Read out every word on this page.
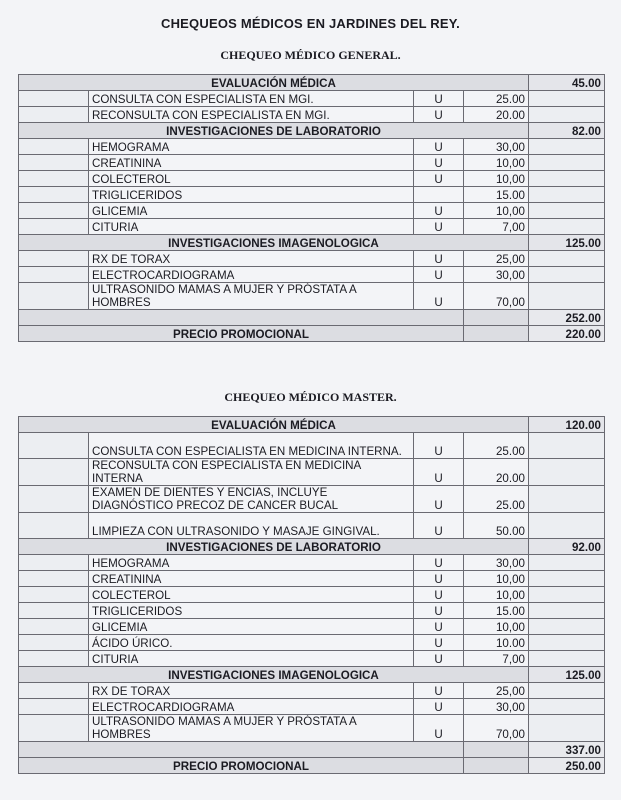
CHEQUEOS MÉDICOS EN JARDINES DEL REY.
CHEQUEO MÉDICO GENERAL.
EVALUACIÓN MÉDICA				45.00
	CONSULTA CON ESPECIALISTA EN MGI.	U	25.00	
	RECONSULTA CON ESPECIALISTA EN MGI.	U	20.00	
INVESTIGACIONES DE LABORATORIO				82.00
	HEMOGRAMA	U	30,00	
	CREATININA	U	10,00	
	COLECTEROL	U	10,00	
	TRIGLICERIDOS		15.00	
	GLICEMIA	U	10,00	
	CITURIA	U	7,00	
INVESTIGACIONES IMAGENOLOGICA				125.00
	RX DE TORAX	U	25,00	
	ELECTROCARDIOGRAMA	U	30,00	
	ULTRASONIDO MAMAS A MUJER Y PRÓSTATA A HOMBRES	U	70,00	
				252.00
PRECIO PROMOCIONAL				220.00
CHEQUEO MÉDICO MASTER.
EVALUACIÓN MÉDICA				120.00
	CONSULTA CON ESPECIALISTA EN MEDICINA INTERNA.	U	25.00	
	RECONSULTA CON ESPECIALISTA EN MEDICINA INTERNA	U	20.00	
	EXAMEN DE DIENTES Y ENCIAS, INCLUYE DIAGNÓSTICO PRECOZ DE CANCER BUCAL	U	25.00	
	LIMPIEZA CON ULTRASONIDO Y MASAJE GINGIVAL.	U	50.00	
INVESTIGACIONES DE LABORATORIO				92.00
	HEMOGRAMA	U	30,00	
	CREATININA	U	10,00	
	COLECTEROL	U	10,00	
	TRIGLICERIDOS	U	15.00	
	GLICEMIA	U	10,00	
	ÁCIDO ÚRICO.	U	10.00	
	CITURIA	U	7,00	
INVESTIGACIONES IMAGENOLOGICA				125.00
	RX DE TORAX	U	25,00	
	ELECTROCARDIOGRAMA	U	30,00	
	ULTRASONIDO MAMAS A MUJER Y PRÓSTATA A HOMBRES	U	70,00	
				337.00
PRECIO PROMOCIONAL				250.00
